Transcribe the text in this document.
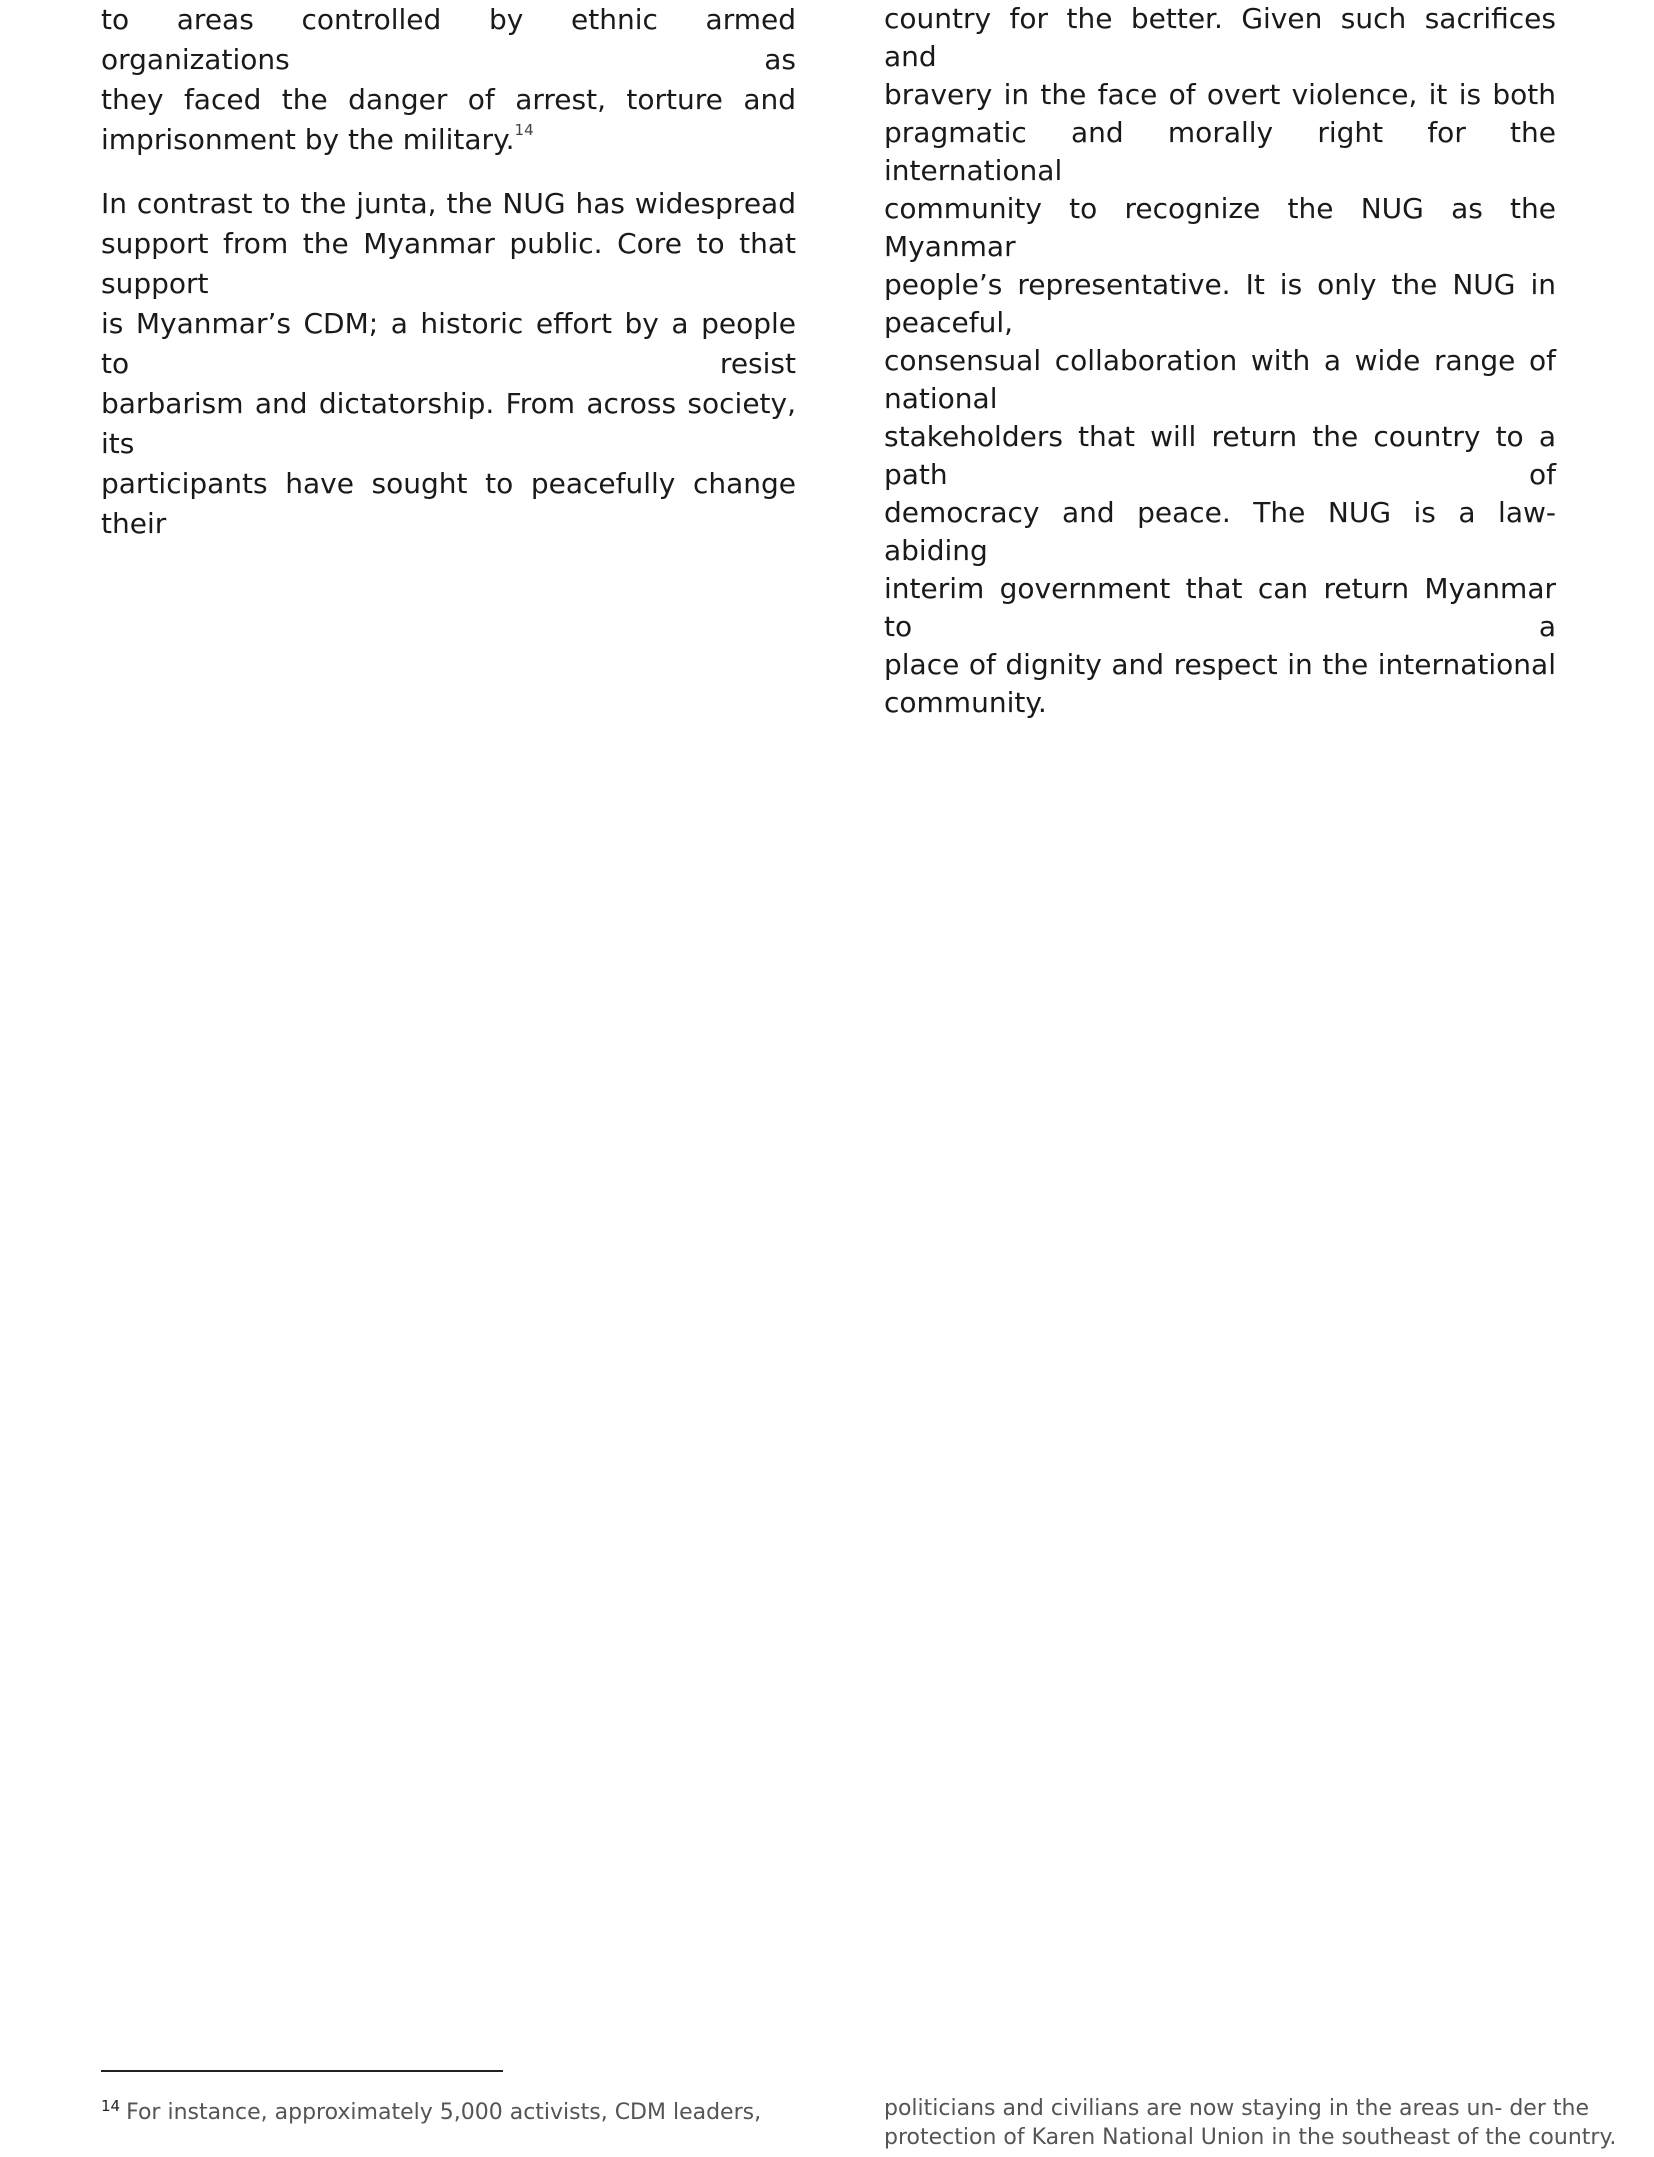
to areas controlled by ethnic armed organizations as
they faced the danger of arrest, torture and
imprisonment by the military.$^{14}$
In contrast to the junta, the NUG has widespread
support from the Myanmar public. Core to that support
is Myanmar’s CDM; a historic effort by a people to resist
barbarism and dictatorship. From across society, its
participants have sought to peacefully change their
country for the better. Given such sacrifices and
bravery in the face of overt violence, it is both
pragmatic and morally right for the international
community to recognize the NUG as the Myanmar
people’s representative. It is only the NUG in peaceful,
consensual collaboration with a wide range of national
stakeholders that will return the country to a path of
democracy and peace. The NUG is a law-abiding
interim government that can return Myanmar to a
place of dignity and respect in the international
community.
$^{14}$ For instance, approximately 5,000 activists, CDM leaders,	politicians and civilians are now staying in the areas un- der the
protection of Karen National Union in the southeast of the country.
